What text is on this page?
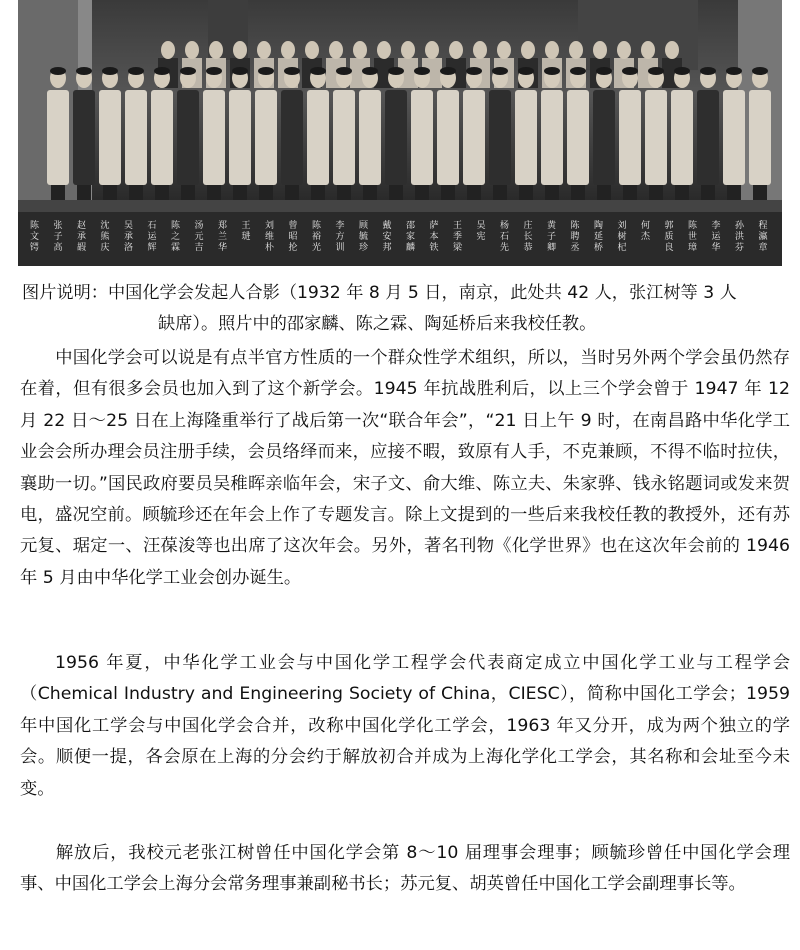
陈
文
锷
张
子
高
赵
承
嘏
沈
熊
庆
吴
承
洛
石
运
辉
陈
之
霖
汤
元
吉
郑
兰
华
王
琎
刘
维
朴
曾
昭
抡
陈
裕
光
李
方
训
顾
毓
珍
戴
安
邦
邵
家
麟
萨
本
铁
王
季
梁
吴
宪
杨
石
先
庄
长
恭
黄
子
卿
陈
聘
丞
陶
延
桥
刘
树
杞
何
杰
郭
质
良
陈
世
璋
李
运
华
孙
洪
芬
程
瀛
章
图片说明：中国化学会发起人合影（1932 年 8 月 5 日，南京，此处共 42 人，张江树等 3 人
缺席）。照片中的邵家麟、陈之霖、陶延桥后来我校任教。

中国化学会可以说是有点半官方性质的一个群众性学术组织，所以，当时另外两个学会虽仍然存在着，但有很多会员也加入到了这个新学会。1945 年抗战胜利后，以上三个学会曾于 1947 年 12 月 22 日～25 日在上海隆重举行了战后第一次“联合年会”，“21 日上午 9 时，在南昌路中华化学工业会会所办理会员注册手续，会员络绎而来，应接不暇，致原有人手，不克兼顾，不得不临时拉伕，襄助一切。”国民政府要员吴稚晖亲临年会，宋子文、俞大维、陈立夫、朱家骅、钱永铭题词或发来贺电，盛况空前。顾毓珍还在年会上作了专题发言。除上文提到的一些后来我校任教的教授外，还有苏元复、琚定一、汪葆浚等也出席了这次年会。另外，著名刊物《化学世界》也在这次年会前的 1946 年 5 月由中华化学工业会创办诞生。

1956 年夏，中华化学工业会与中国化学工程学会代表商定成立中国化学工业与工程学会（Chemical Industry and Engineering Society of China，CIESC），简称中国化工学会；1959 年中国化工学会与中国化学会合并，改称中国化学化工学会，1963 年又分开，成为两个独立的学会。顺便一提，各会原在上海的分会约于解放初合并成为上海化学化工学会，其名称和会址至今未变。

解放后，我校元老张江树曾任中国化学会第 8～10 届理事会理事；顾毓珍曾任中国化学会理事、中国化工学会上海分会常务理事兼副秘书长；苏元复、胡英曾任中国化工学会副理事长等。
